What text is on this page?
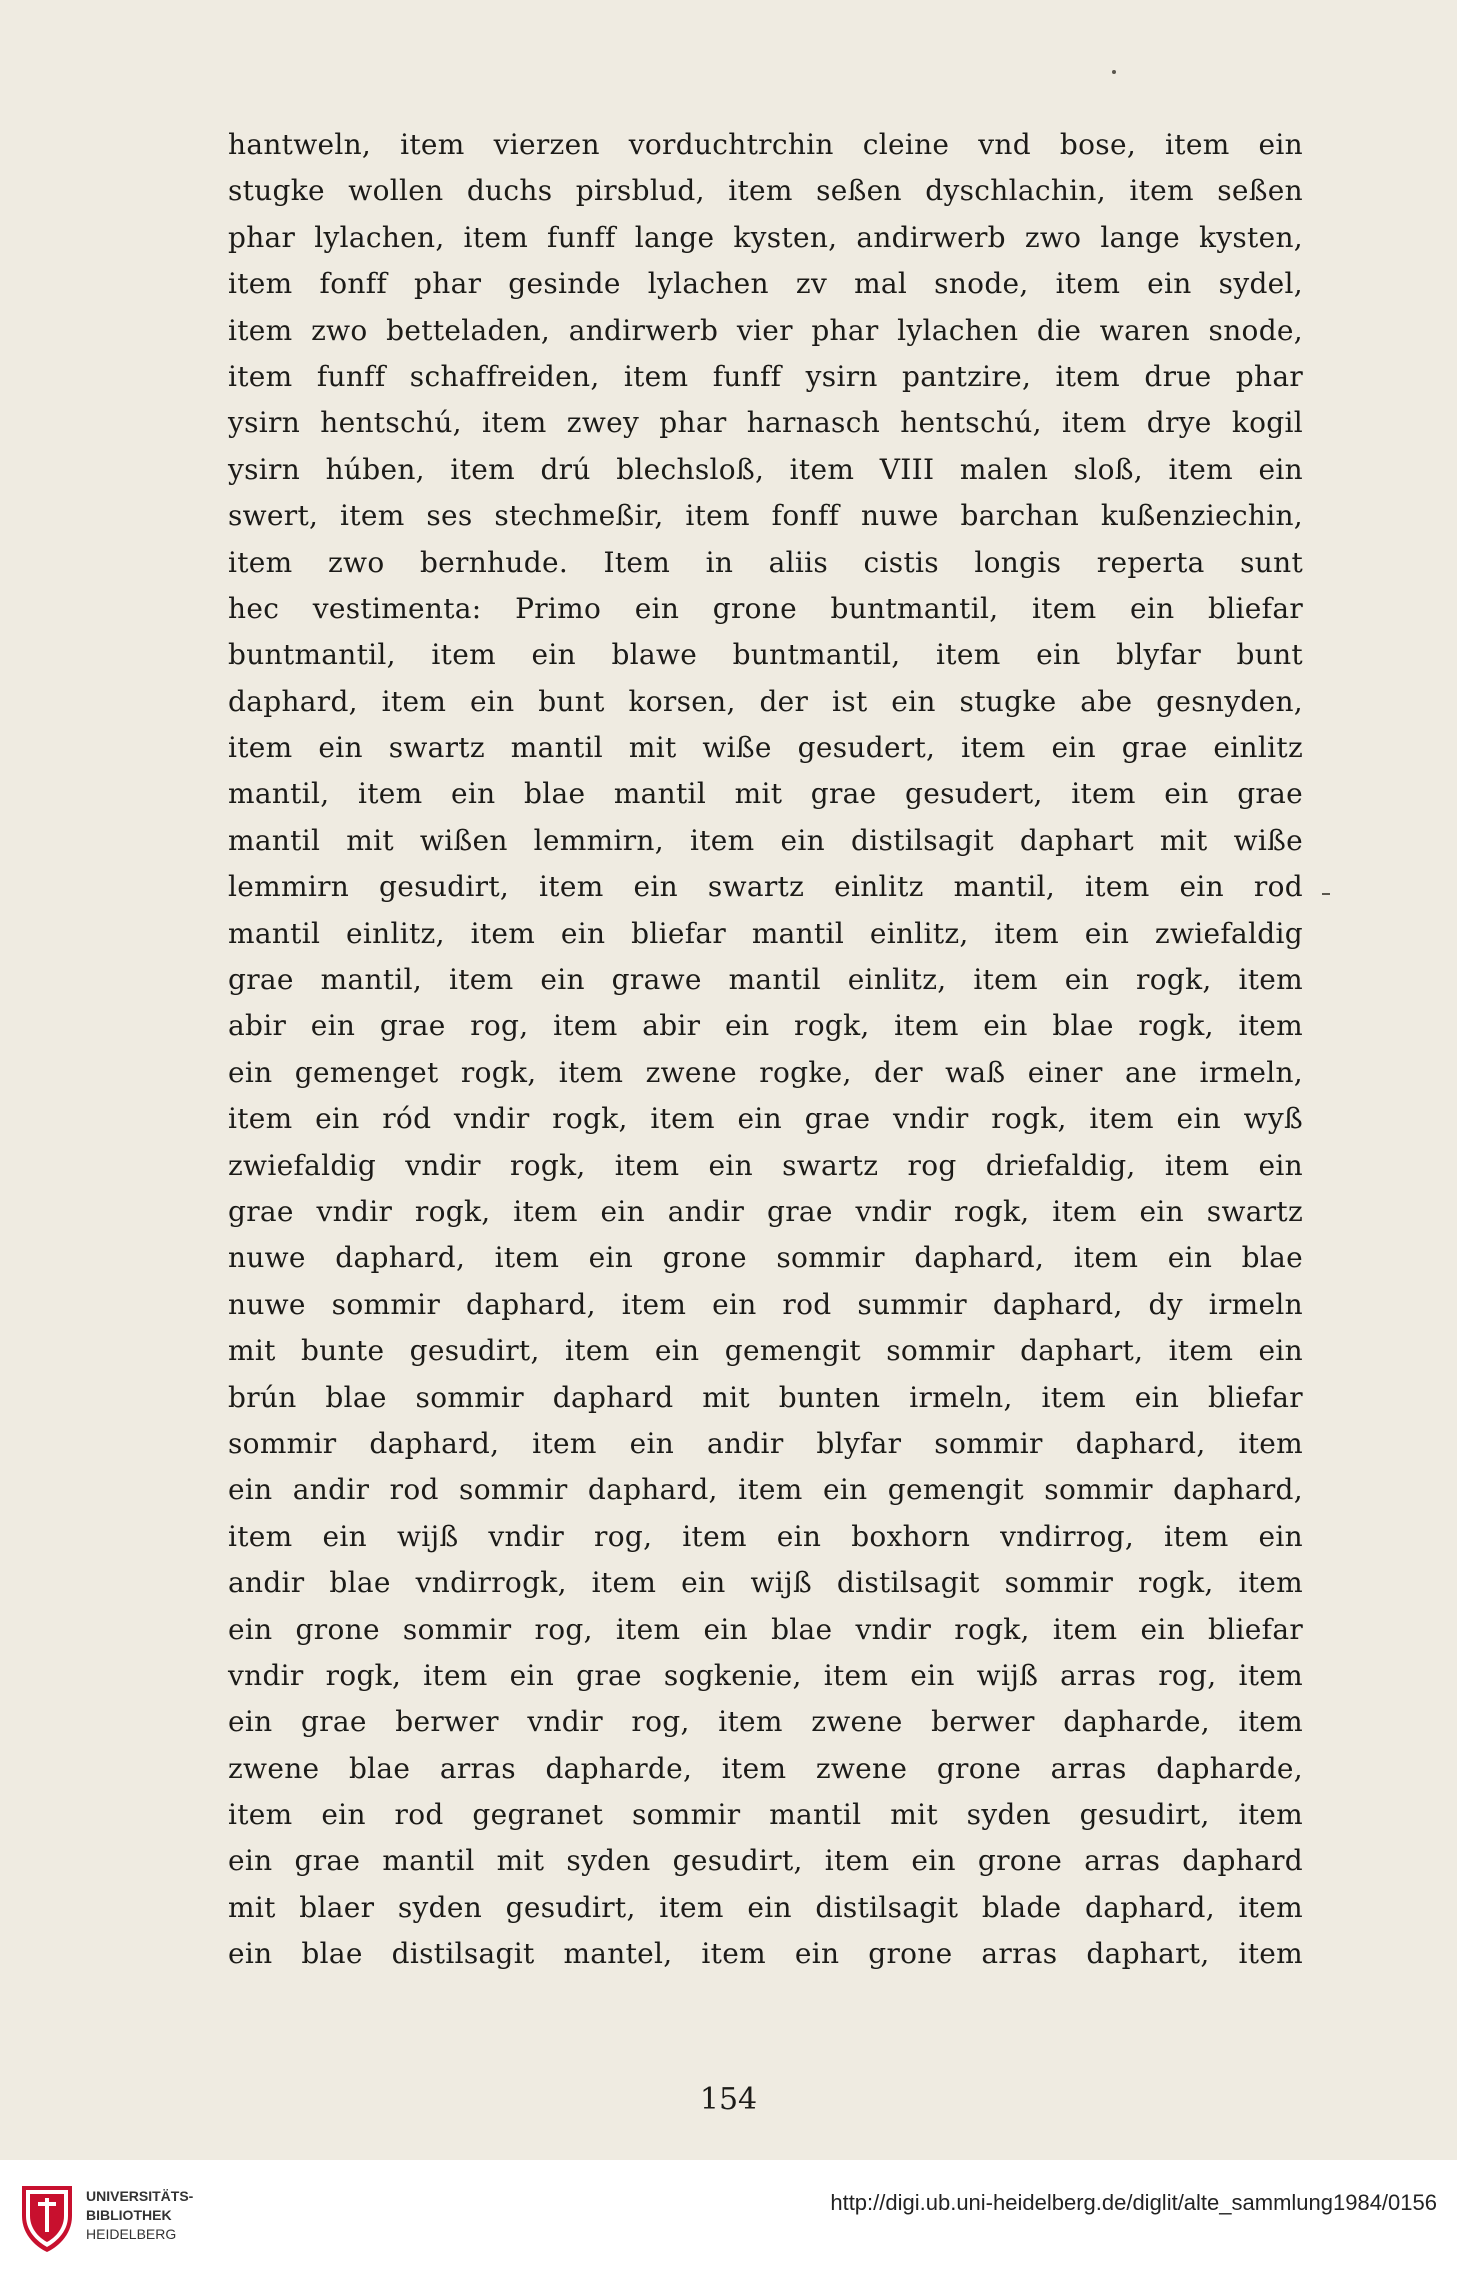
hantweln, item vierzen vorduchtrchin cleine vnd bose, item ein
stugke wollen duchs pirsblud, item seßen dyschlachin, item seßen
phar lylachen, item funff lange kysten, andirwerb zwo lange kysten,
item fonff phar gesinde lylachen zv mal snode, item ein sydel,
item zwo betteladen, andirwerb vier phar lylachen die waren snode,
item funff schaffreiden, item funff ysirn pantzire, item drue phar
ysirn hentschú, item zwey phar harnasch hentschú, item drye kogil
ysirn húben, item drú blechsloß, item VIII malen sloß, item ein
swert, item ses stechmeßir, item fonff nuwe barchan kußenziechin,
item zwo bernhude. Item in aliis cistis longis reperta sunt
hec vestimenta: Primo ein grone buntmantil, item ein bliefar
buntmantil, item ein blawe buntmantil, item ein blyfar bunt
daphard, item ein bunt korsen, der ist ein stugke abe gesnyden,
item ein swartz mantil mit wiße gesudert, item ein grae einlitz
mantil, item ein blae mantil mit grae gesudert, item ein grae
mantil mit wißen lemmirn, item ein distilsagit daphart mit wiße
lemmirn gesudirt, item ein swartz einlitz mantil, item ein rod
mantil einlitz, item ein bliefar mantil einlitz, item ein zwiefaldig
grae mantil, item ein grawe mantil einlitz, item ein rogk, item
abir ein grae rog, item abir ein rogk, item ein blae rogk, item
ein gemenget rogk, item zwene rogke, der waß einer ane irmeln,
item ein ród vndir rogk, item ein grae vndir rogk, item ein wyß
zwiefaldig vndir rogk, item ein swartz rog driefaldig, item ein
grae vndir rogk, item ein andir grae vndir rogk, item ein swartz
nuwe daphard, item ein grone sommir daphard, item ein blae
nuwe sommir daphard, item ein rod summir daphard, dy irmeln
mit bunte gesudirt, item ein gemengit sommir daphart, item ein
brún blae sommir daphard mit bunten irmeln, item ein bliefar
sommir daphard, item ein andir blyfar sommir daphard, item
ein andir rod sommir daphard, item ein gemengit sommir daphard,
item ein wijß vndir rog, item ein boxhorn vndirrog, item ein
andir blae vndirrogk, item ein wijß distilsagit sommir rogk, item
ein grone sommir rog, item ein blae vndir rogk, item ein bliefar
vndir rogk, item ein grae sogkenie, item ein wijß arras rog, item
ein grae berwer vndir rog, item zwene berwer daphardе, item
zwene blae arras daphardе, item zwene grone arras daphardе,
item ein rod gegranet sommir mantil mit syden gesudirt, item
ein grae mantil mit syden gesudirt, item ein grone arras daphard
mit blaer syden gesudirt, item ein distilsagit blade daphard, item
ein blae distilsagit mantel, item ein grone arras daphart, item
154
UNIVERSITÄTS-
BIBLIOTHEK
HEIDELBERG
http://digi.ub.uni-heidelberg.de/diglit/alte_sammlung1984/0156
